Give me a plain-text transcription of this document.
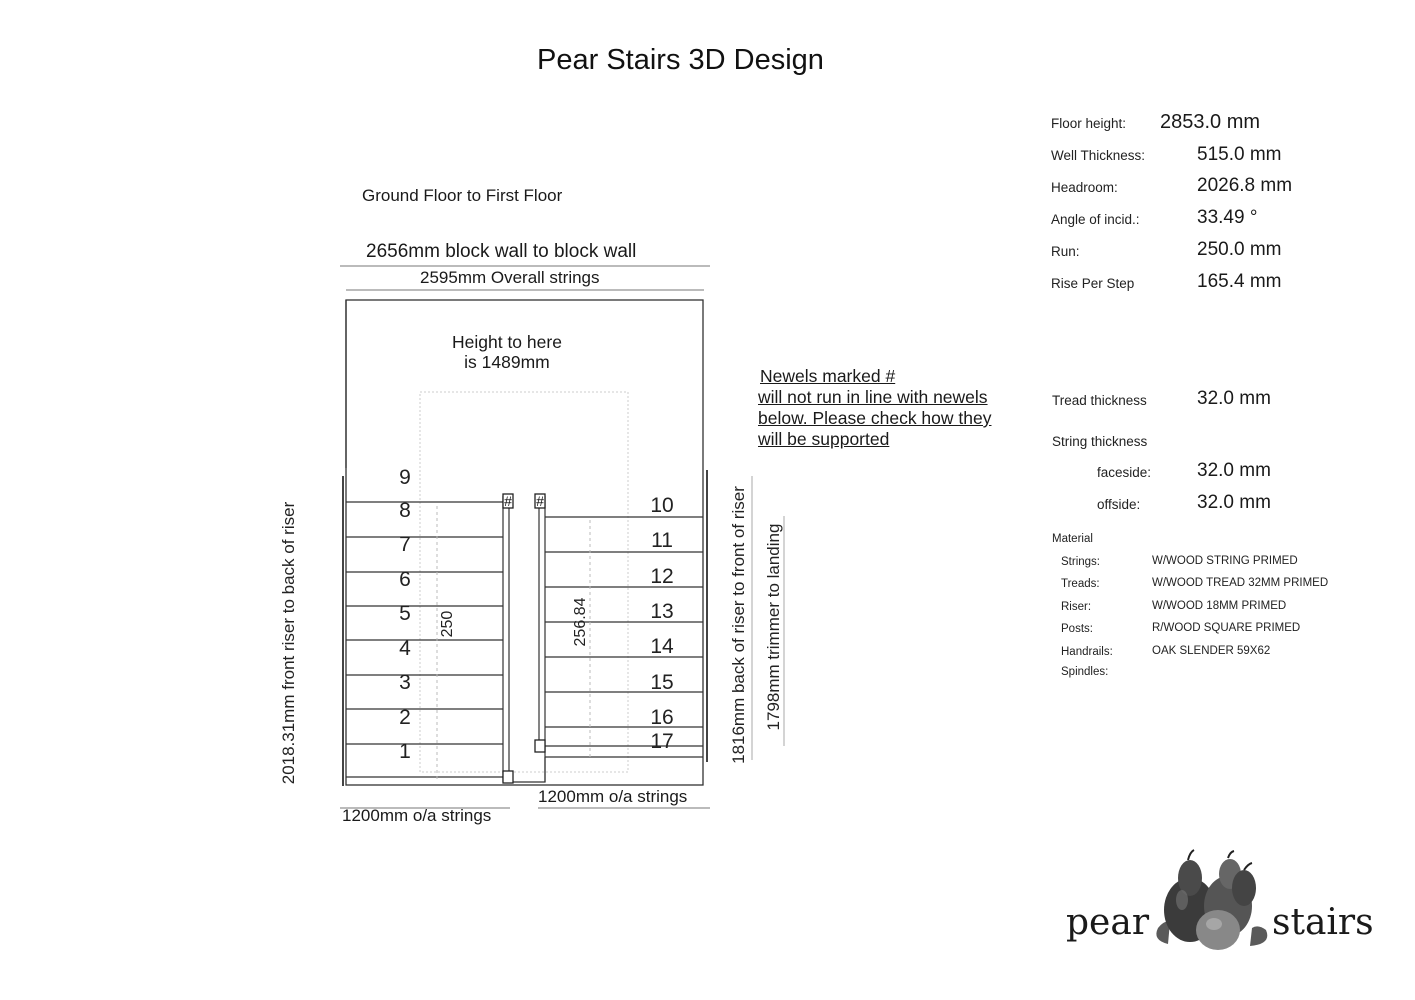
Pear Stairs 3D Design
Ground Floor to First Floor
2656mm block wall to block wall
2595mm Overall strings
# #
9
8
7
6
5
4
3
2
1
10
11
12
13
14
15
16
17
250	256.84
2018.31mm front riser to back of riser	1816mm back of riser to front of riser 1798mm trimmer to landing
Height to here
is 1489mm
1200mm o/a strings
1200mm o/a strings
Newels marked #
will not run in line with newels
below. Please check how they
will be supported
Floor height: 2853.0 mm
Well Thickness:	515.0 mm
Headroom:	2026.8 mm
Angle of incid.:	33.49 °
Run:	250.0 mm
Rise Per Step	165.4 mm
Tread thickness	32.0 mm
String thickness
faceside: 32.0 mm
offside:	32.0 mm
Material
Strings:	W/WOOD STRING PRIMED
Treads:	W/WOOD TREAD 32MM PRIMED
Riser:	W/WOOD 18MM PRIMED
Posts:	R/WOOD SQUARE PRIMED
Handrails:	OAK SLENDER 59X62
Spindles:
pear	stairs
